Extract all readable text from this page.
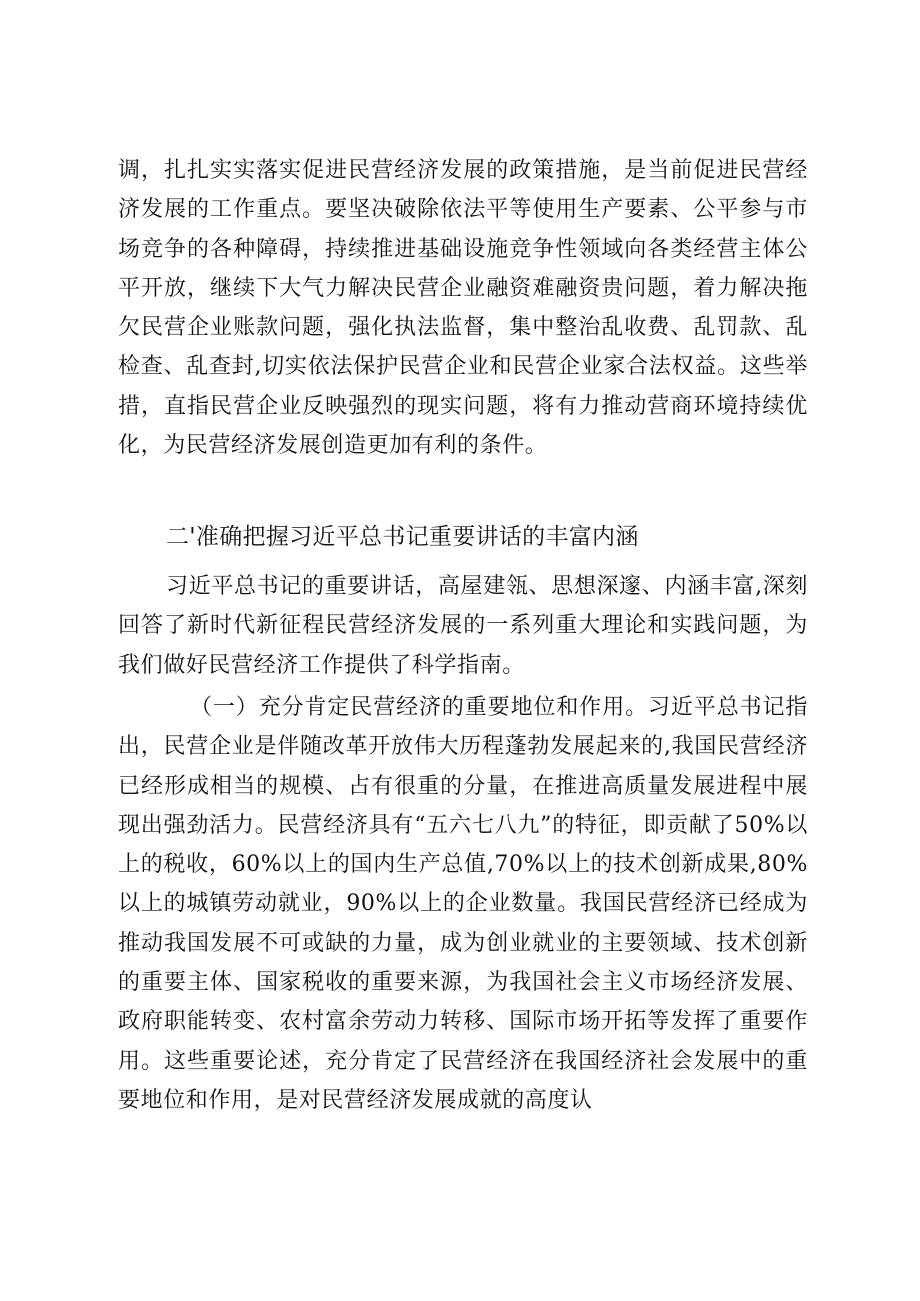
调，扎扎实实落实促进民营经济发展的政策措施，是当前促进民营经济发展的工作重点。要坚决破除依法平等使用生产要素、公平参与市场竞争的各种障碍，持续推进基础设施竞争性领域向各类经营主体公平开放，继续下大气力解决民营企业融资难融资贵问题，着力解决拖欠民营企业账款问题，强化执法监督，集中整治乱收费、乱罚款、乱检查、乱查封,切实依法保护民营企业和民营企业家合法权益。这些举措，直指民营企业反映强烈的现实问题，将有力推动营商环境持续优化，为民营经济发展创造更加有利的条件。

二'准确把握习近平总书记重要讲话的丰富内涵

习近平总书记的重要讲话，高屋建瓴、思想深邃、内涵丰富,深刻回答了新时代新征程民营经济发展的一系列重大理论和实践问题，为我们做好民营经济工作提供了科学指南。

（一）充分肯定民营经济的重要地位和作用。习近平总书记指出，民营企业是伴随改革开放伟大历程蓬勃发展起来的,我国民营经济已经形成相当的规模、占有很重的分量，在推进高质量发展进程中展现出强劲活力。民营经济具有“五六七八九”的特征，即贡献了50%以上的税收，60%以上的国内生产总值,70%以上的技术创新成果,80%以上的城镇劳动就业，90%以上的企业数量。我国民营经济已经成为推动我国发展不可或缺的力量，成为创业就业的主要领域、技术创新的重要主体、国家税收的重要来源，为我国社会主义市场经济发展、政府职能转变、农村富余劳动力转移、国际市场开拓等发挥了重要作用。这些重要论述，充分肯定了民营经济在我国经济社会发展中的重要地位和作用，是对民营经济发展成就的高度认
